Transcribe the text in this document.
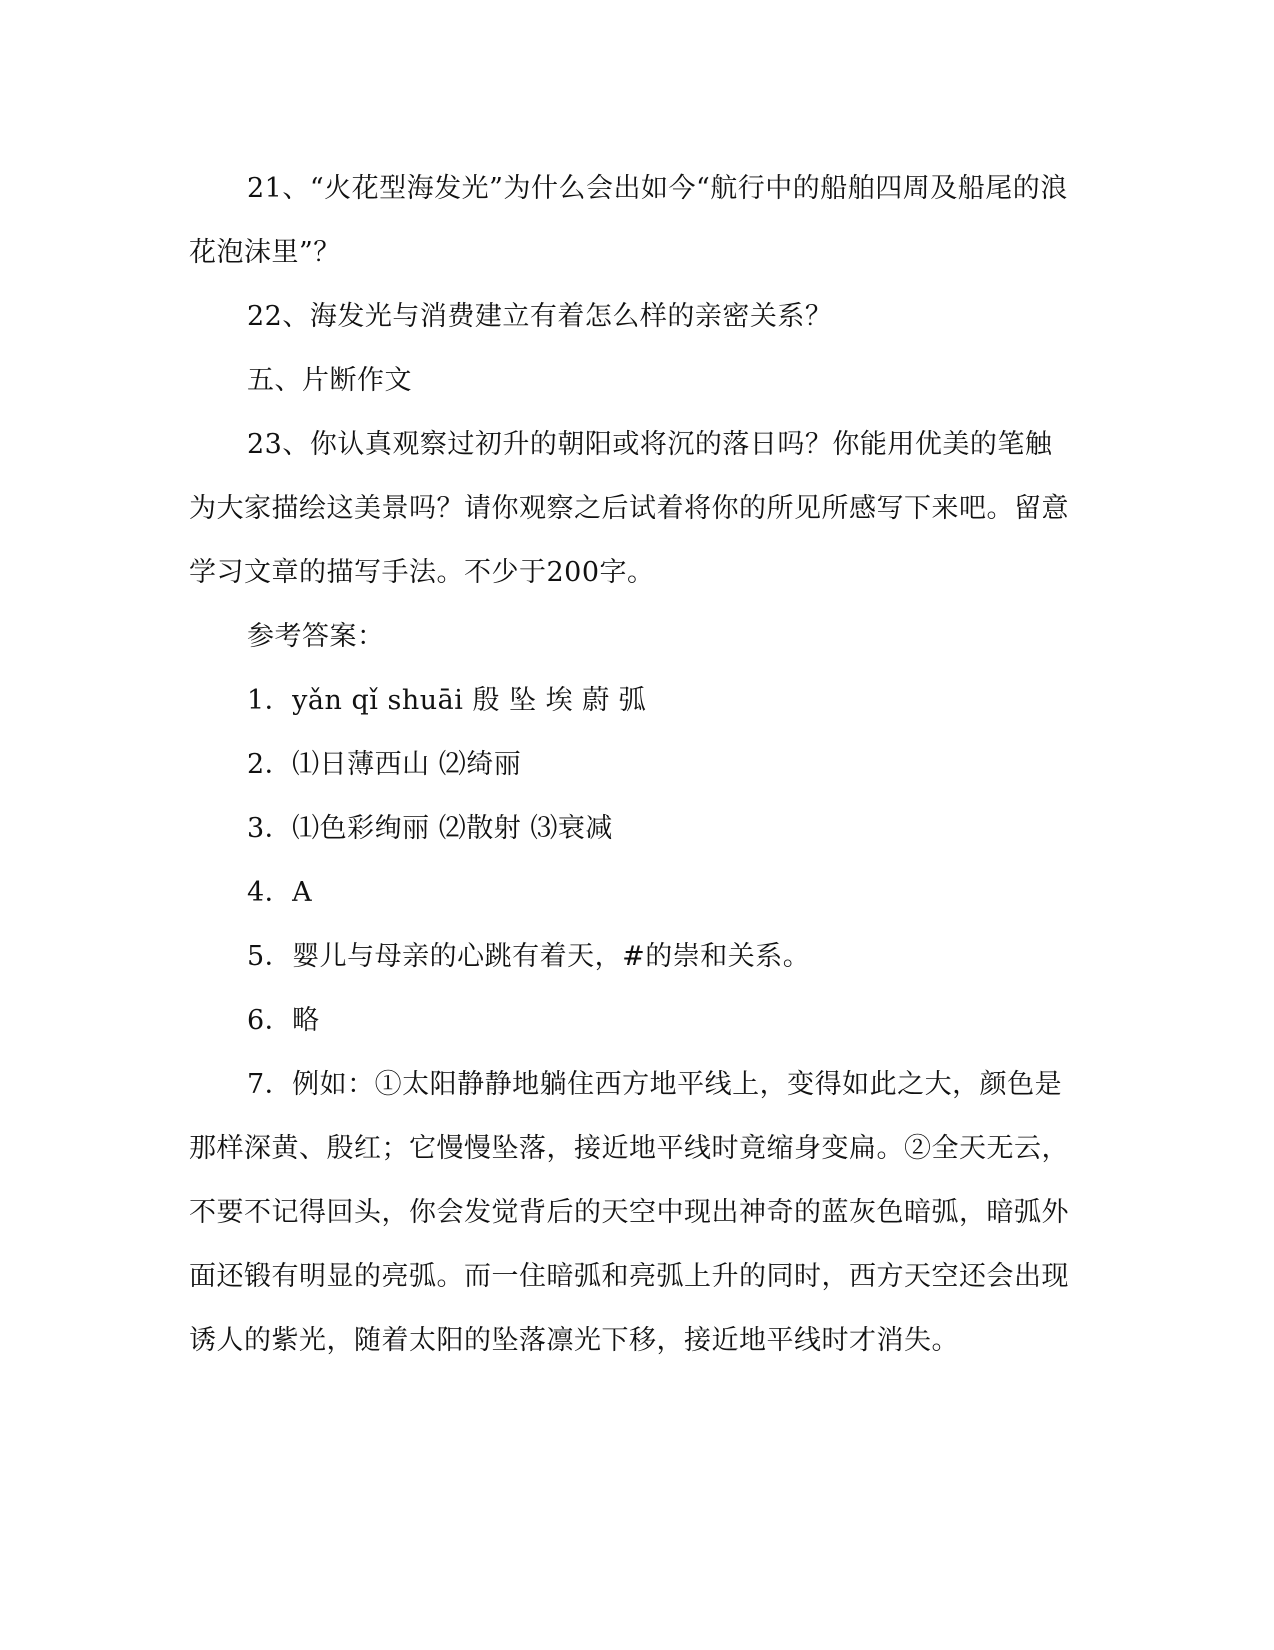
21、“火花型海发光”为什么会出如今“航行中的船舶四周及船尾的浪花泡沫里”？

22、海发光与消费建立有着怎么样的亲密关系？

五、片断作文

23、你认真观察过初升的朝阳或将沉的落日吗？你能用优美的笔触为大家描绘这美景吗？请你观察之后试着将你的所见所感写下来吧。留意学习文章的描写手法。不少于200字。

参考答案：

1．yǎn qǐ shuāi 殷 坠 埃 蔚 弧

2．⑴日薄西山 ⑵绮丽

3．⑴色彩绚丽 ⑵散射 ⑶衰减

4．A

5．婴儿与母亲的心跳有着天，#的崇和关系。

6．略

7．例如：①太阳静静地躺住西方地平线上，变得如此之大，颜色是那样深黄、殷红；它慢慢坠落，接近地平线时竟缩身变扁。②全天无云，不要不记得回头，你会发觉背后的天空中现出神奇的蓝灰色暗弧，暗弧外面还锻有明显的亮弧。而一住暗弧和亮弧上升的同时，西方天空还会出现诱人的紫光，随着太阳的坠落凛光下移，接近地平线时才消失。
